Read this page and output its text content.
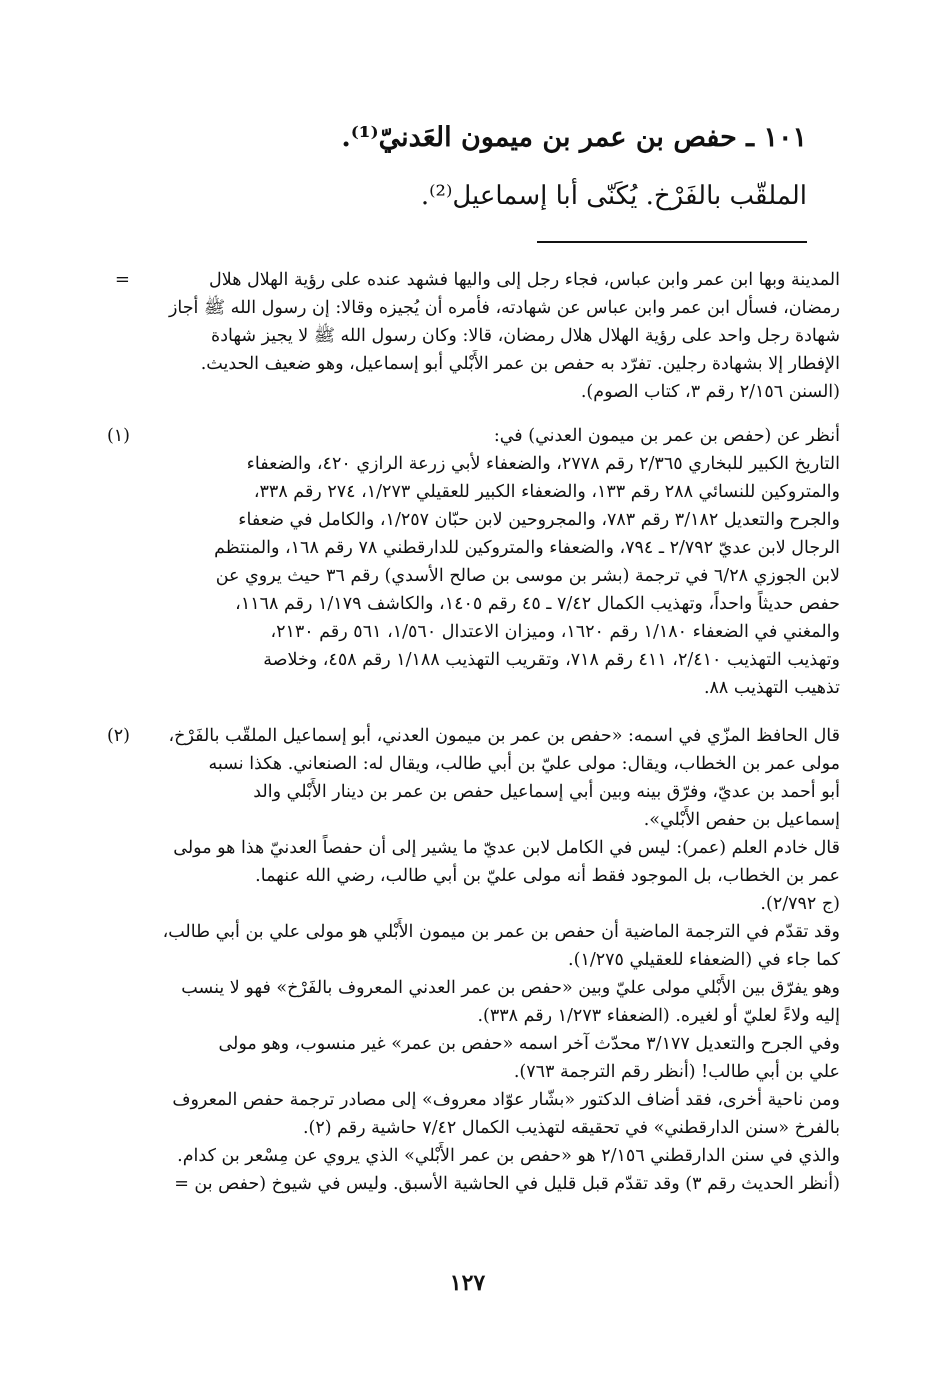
١٠١ ـ حفص بن عمر بن ميمون العَدنيّ⁽¹⁾.
الملقّب بالفَرْخ. يُكَنّى أبا إسماعيل⁽²⁾.
=	المدينة وبها ابن عمر وابن عباس، فجاء رجل إلى واليها فشهد عنده على رؤية الهلال هلال
رمضان، فسأل ابن عمر وابن عباس عن شهادته، فأمره أن يُجيزه وقالا: إن رسول الله ﷺ أجاز
شهادة رجل واحد على رؤية الهلال هلال رمضان، قالا: وكان رسول الله ﷺ لا يجيز شهادة
الإفطار إلا بشهادة رجلين. تفرّد به حفص بن عمر الأَبْلي أبو إسماعيل، وهو ضعيف الحديث.
(السنن ٢/١٥٦ رقم ٣، كتاب الصوم).
(١)	أنظر عن (حفص بن عمر بن ميمون العدني) في:
التاريخ الكبير للبخاري ٢/٣٦٥ رقم ٢٧٧٨، والضعفاء لأبي زرعة الرازي ٤٢٠، والضعفاء
والمتروكين للنسائي ٢٨٨ رقم ١٣٣، والضعفاء الكبير للعقيلي ١/٢٧٣، ٢٧٤ رقم ٣٣٨،
والجرح والتعديل ٣/١٨٢ رقم ٧٨٣، والمجروحين لابن حبّان ١/٢٥٧، والكامل في ضعفاء
الرجال لابن عديّ ٢/٧٩٢ ـ ٧٩٤، والضعفاء والمتروكين للدارقطني ٧٨ رقم ١٦٨، والمنتظم
لابن الجوزي ٦/٢٨ في ترجمة (بشر بن موسى بن صالح الأسدي) رقم ٣٦ حيث يروي عن
حفص حديثاً واحداً، وتهذيب الكمال ٧/٤٢ ـ ٤٥ رقم ١٤٠٥، والكاشف ١/١٧٩ رقم ١١٦٨،
والمغني في الضعفاء ١/١٨٠ رقم ١٦٢٠، وميزان الاعتدال ١/٥٦٠، ٥٦١ رقم ٢١٣٠،
وتهذيب التهذيب ٢/٤١٠، ٤١١ رقم ٧١٨، وتقريب التهذيب ١/١٨٨ رقم ٤٥٨، وخلاصة
تذهيب التهذيب ٨٨.
(٢)	قال الحافظ المزّي في اسمه: «حفص بن عمر بن ميمون العدني، أبو إسماعيل الملقّب بالفَرْخ،
مولى عمر بن الخطاب، ويقال: مولى عليّ بن أبي طالب، ويقال له: الصنعاني. هكذا نسبه
أبو أحمد بن عديّ، وفرّق بينه وبين أبي إسماعيل حفص بن عمر بن دينار الأَبْلي والد
إسماعيل بن حفص الأَبْلي».
قال خادم العلم (عمر): ليس في الكامل لابن عديّ ما يشير إلى أن حفصاً العدنيّ هذا هو مولى
عمر بن الخطاب، بل الموجود فقط أنه مولى عليّ بن أبي طالب، رضي الله عنهما.
(ج ٢/٧٩٢).
وقد تقدّم في الترجمة الماضية أن حفص بن عمر بن ميمون الأَبْلي هو مولى علي بن أبي طالب،
كما جاء في (الضعفاء للعقيلي ١/٢٧٥).
وهو يفرّق بين الأَبْلي مولى عليّ وبين «حفص بن عمر العدني المعروف بالفَرْخ» فهو لا ينسب
إليه ولاءً لعليّ أو لغيره. (الضعفاء ١/٢٧٣ رقم ٣٣٨).
وفي الجرح والتعديل ٣/١٧٧ محدّث آخر اسمه «حفص بن عمر» غير منسوب، وهو مولى
علي بن أبي طالب! (أنظر رقم الترجمة ٧٦٣).
ومن ناحية أخرى، فقد أضاف الدكتور «بشّار عوّاد معروف» إلى مصادر ترجمة حفص المعروف
بالفرخ «سنن الدارقطني» في تحقيقه لتهذيب الكمال ٧/٤٢ حاشية رقم (٢).
والذي في سنن الدارقطني ٢/١٥٦ هو «حفص بن عمر الأَبْلي» الذي يروي عن مِسْعر بن كدام.
(أنظر الحديث رقم ٣) وقد تقدّم قبل قليل في الحاشية الأسبق. وليس في شيوخ (حفص بن =
١٢٧
